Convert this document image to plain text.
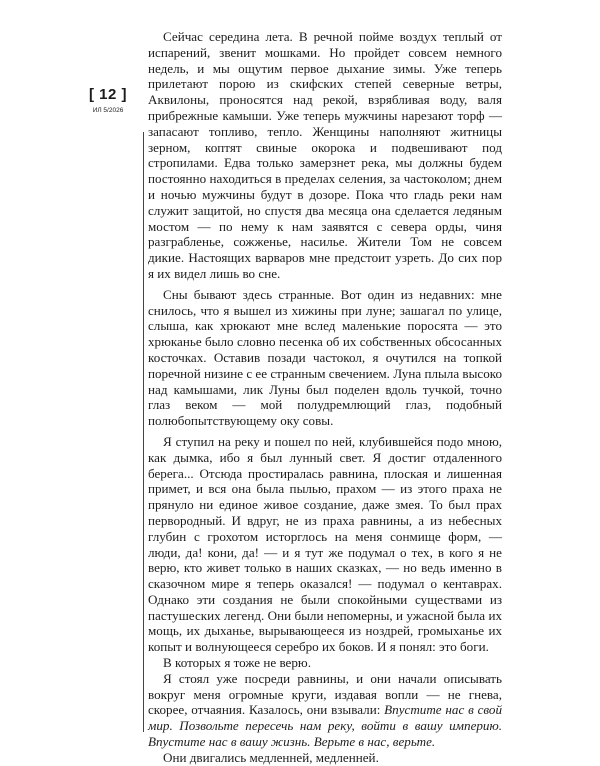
[ 12 ]
ИЛ 5/2026

Сейчас середина лета. В речной пойме воздух теплый от испарений, звенит мошками. Но пройдет совсем немного недель, и мы ощутим первое дыхание зимы. Уже теперь прилетают порою из скифских степей северные ветры, Аквилоны, проносятся над рекой, взрябливая воду, валя прибрежные камыши. Уже теперь мужчины нарезают торф — запасают топливо, тепло. Женщины наполняют житницы зерном, коптят свиные окорока и подвешивают под стропилами. Едва только замерзнет река, мы должны будем постоянно находиться в пределах селения, за частоколом; днем и ночью мужчины будут в дозоре. Пока что гладь реки нам служит защитой, но спустя два месяца она сделается ледяным мостом — по нему к нам заявятся с севера орды, чиня разграбленье, сожженье, насилье. Жители Том не совсем дикие. Настоящих варваров мне предстоит узреть. До сих пор я их видел лишь во сне.

Сны бывают здесь странные. Вот один из недавних: мне снилось, что я вышел из хижины при луне; зашагал по улице, слыша, как хрюкают мне вслед маленькие поросята — это хрюканье было словно песенка об их собственных обсосанных косточках. Оставив позади частокол, я очутился на топкой поречной низине с ее странным свечением. Луна плыла высоко над камышами, лик Луны был поделен вдоль тучкой, точно глаз веком — мой полудремлющий глаз, подобный полюбопытствующему оку совы.

Я ступил на реку и пошел по ней, клубившейся подо мною, как дымка, ибо я был лунный свет. Я достиг отдаленного берега... Отсюда простиралась равнина, плоская и лишенная примет, и вся она была пылью, прахом — из этого праха не прянуло ни единое живое создание, даже змея. То был прах первородный. И вдруг, не из праха равнины, а из небесных глубин с грохотом исторглось на меня сонмище форм, — люди, да! кони, да! — и я тут же подумал о тех, в кого я не верю, кто живет только в наших сказках, — но ведь именно в сказочном мире я теперь оказался! — подумал о кентаврах. Однако эти создания не были спокойными существами из пастушеских легенд. Они были непомерны, и ужасной была их мощь, их дыханье, вырывающееся из ноздрей, громыханье их копыт и волнующееся серебро их боков. И я понял: это боги.

В которых я тоже не верю.

Я стоял уже посреди равнины, и они начали описывать вокруг меня огромные круги, издавая вопли — не гнева, скорее, отчаяния. Казалось, они взывали: Впустите нас в свой мир. Позвольте пересечь нам реку, войти в вашу империю. Впустите нас в вашу жизнь. Верьте в нас, верьте.

Они двигались медленней, медленней.
